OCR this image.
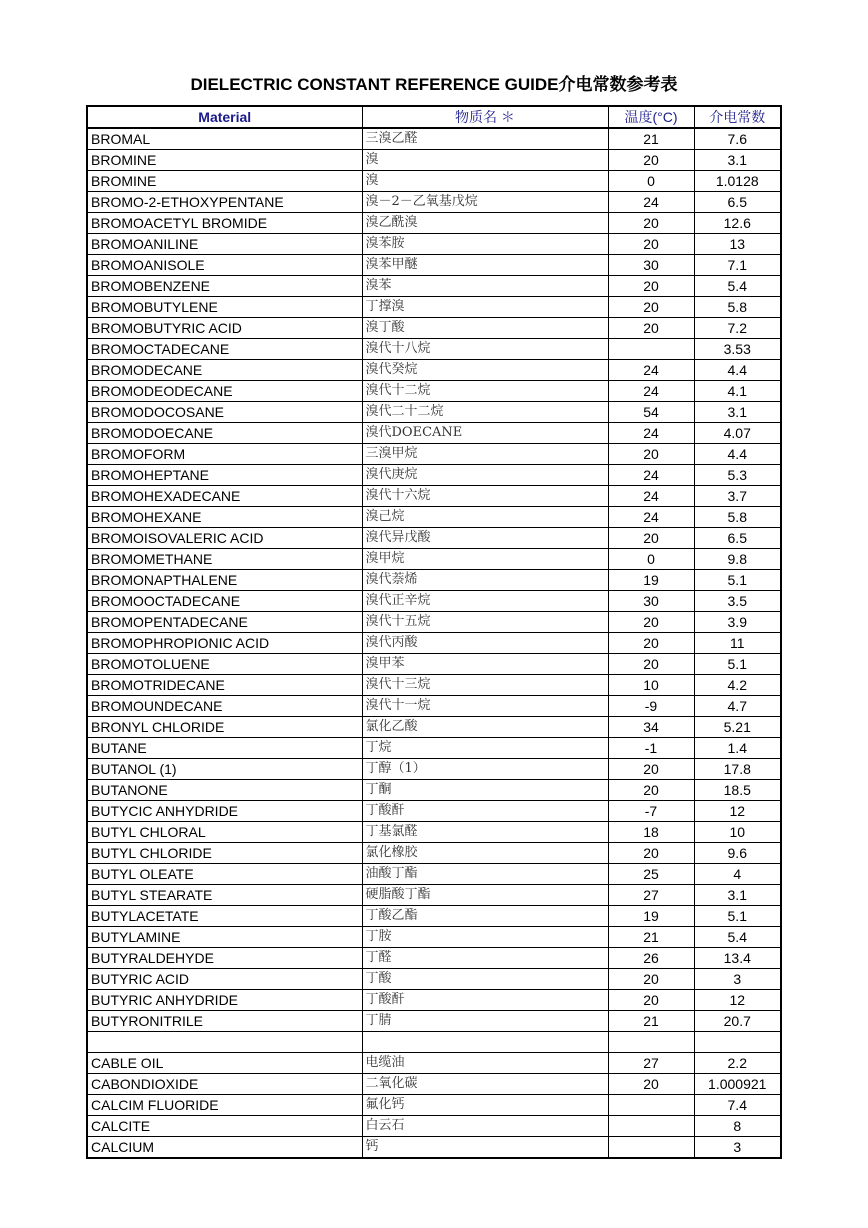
DIELECTRIC CONSTANT REFERENCE GUIDE介电常数参考表
Material	物质名 ＊	温度(°C)	介电常数
BROMAL	三溴乙醛	21	7.6
BROMINE	溴	20	3.1
BROMINE	溴	0	1.0128
BROMO-2-ETHOXYPENTANE	溴－2－乙氧基戊烷	24	6.5
BROMOACETYL BROMIDE	溴乙酰溴	20	12.6
BROMOANILINE	溴苯胺	20	13
BROMOANISOLE	溴苯甲醚	30	7.1
BROMOBENZENE	溴苯	20	5.4
BROMOBUTYLENE	丁撑溴	20	5.8
BROMOBUTYRIC ACID	溴丁酸	20	7.2
BROMOCTADECANE	溴代十八烷		3.53
BROMODECANE	溴代癸烷	24	4.4
BROMODEODECANE	溴代十二烷	24	4.1
BROMODOCOSANE	溴代二十二烷	54	3.1
BROMODOECANE	溴代DOECANE	24	4.07
BROMOFORM	三溴甲烷	20	4.4
BROMOHEPTANE	溴代庚烷	24	5.3
BROMOHEXADECANE	溴代十六烷	24	3.7
BROMOHEXANE	溴己烷	24	5.8
BROMOISOVALERIC ACID	溴代异戊酸	20	6.5
BROMOMETHANE	溴甲烷	0	9.8
BROMONAPTHALENE	溴代萘烯	19	5.1
BROMOOCTADECANE	溴代正辛烷	30	3.5
BROMOPENTADECANE	溴代十五烷	20	3.9
BROMOPHROPIONIC ACID	溴代丙酸	20	11
BROMOTOLUENE	溴甲苯	20	5.1
BROMOTRIDECANE	溴代十三烷	10	4.2
BROMOUNDECANE	溴代十一烷	-9	4.7
BRONYL CHLORIDE	氯化乙酸	34	5.21
BUTANE	丁烷	-1	1.4
BUTANOL (1)	丁醇（1）	20	17.8
BUTANONE	丁酮	20	18.5
BUTYCIC ANHYDRIDE	丁酸酐	-7	12
BUTYL CHLORAL	丁基氯醛	18	10
BUTYL CHLORIDE	氯化橡胶	20	9.6
BUTYL OLEATE	油酸丁酯	25	4
BUTYL STEARATE	硬脂酸丁酯	27	3.1
BUTYLACETATE	丁酸乙酯	19	5.1
BUTYLAMINE	丁胺	21	5.4
BUTYRALDEHYDE	丁醛	26	13.4
BUTYRIC ACID	丁酸	20	3
BUTYRIC ANHYDRIDE	丁酸酐	20	12
BUTYRONITRILE	丁腈	21	20.7

CABLE OIL	电缆油	27	2.2
CABONDIOXIDE	二氧化碳	20	1.000921
CALCIM FLUORIDE	氟化钙		7.4
CALCITE	白云石		8
CALCIUM	钙		3
